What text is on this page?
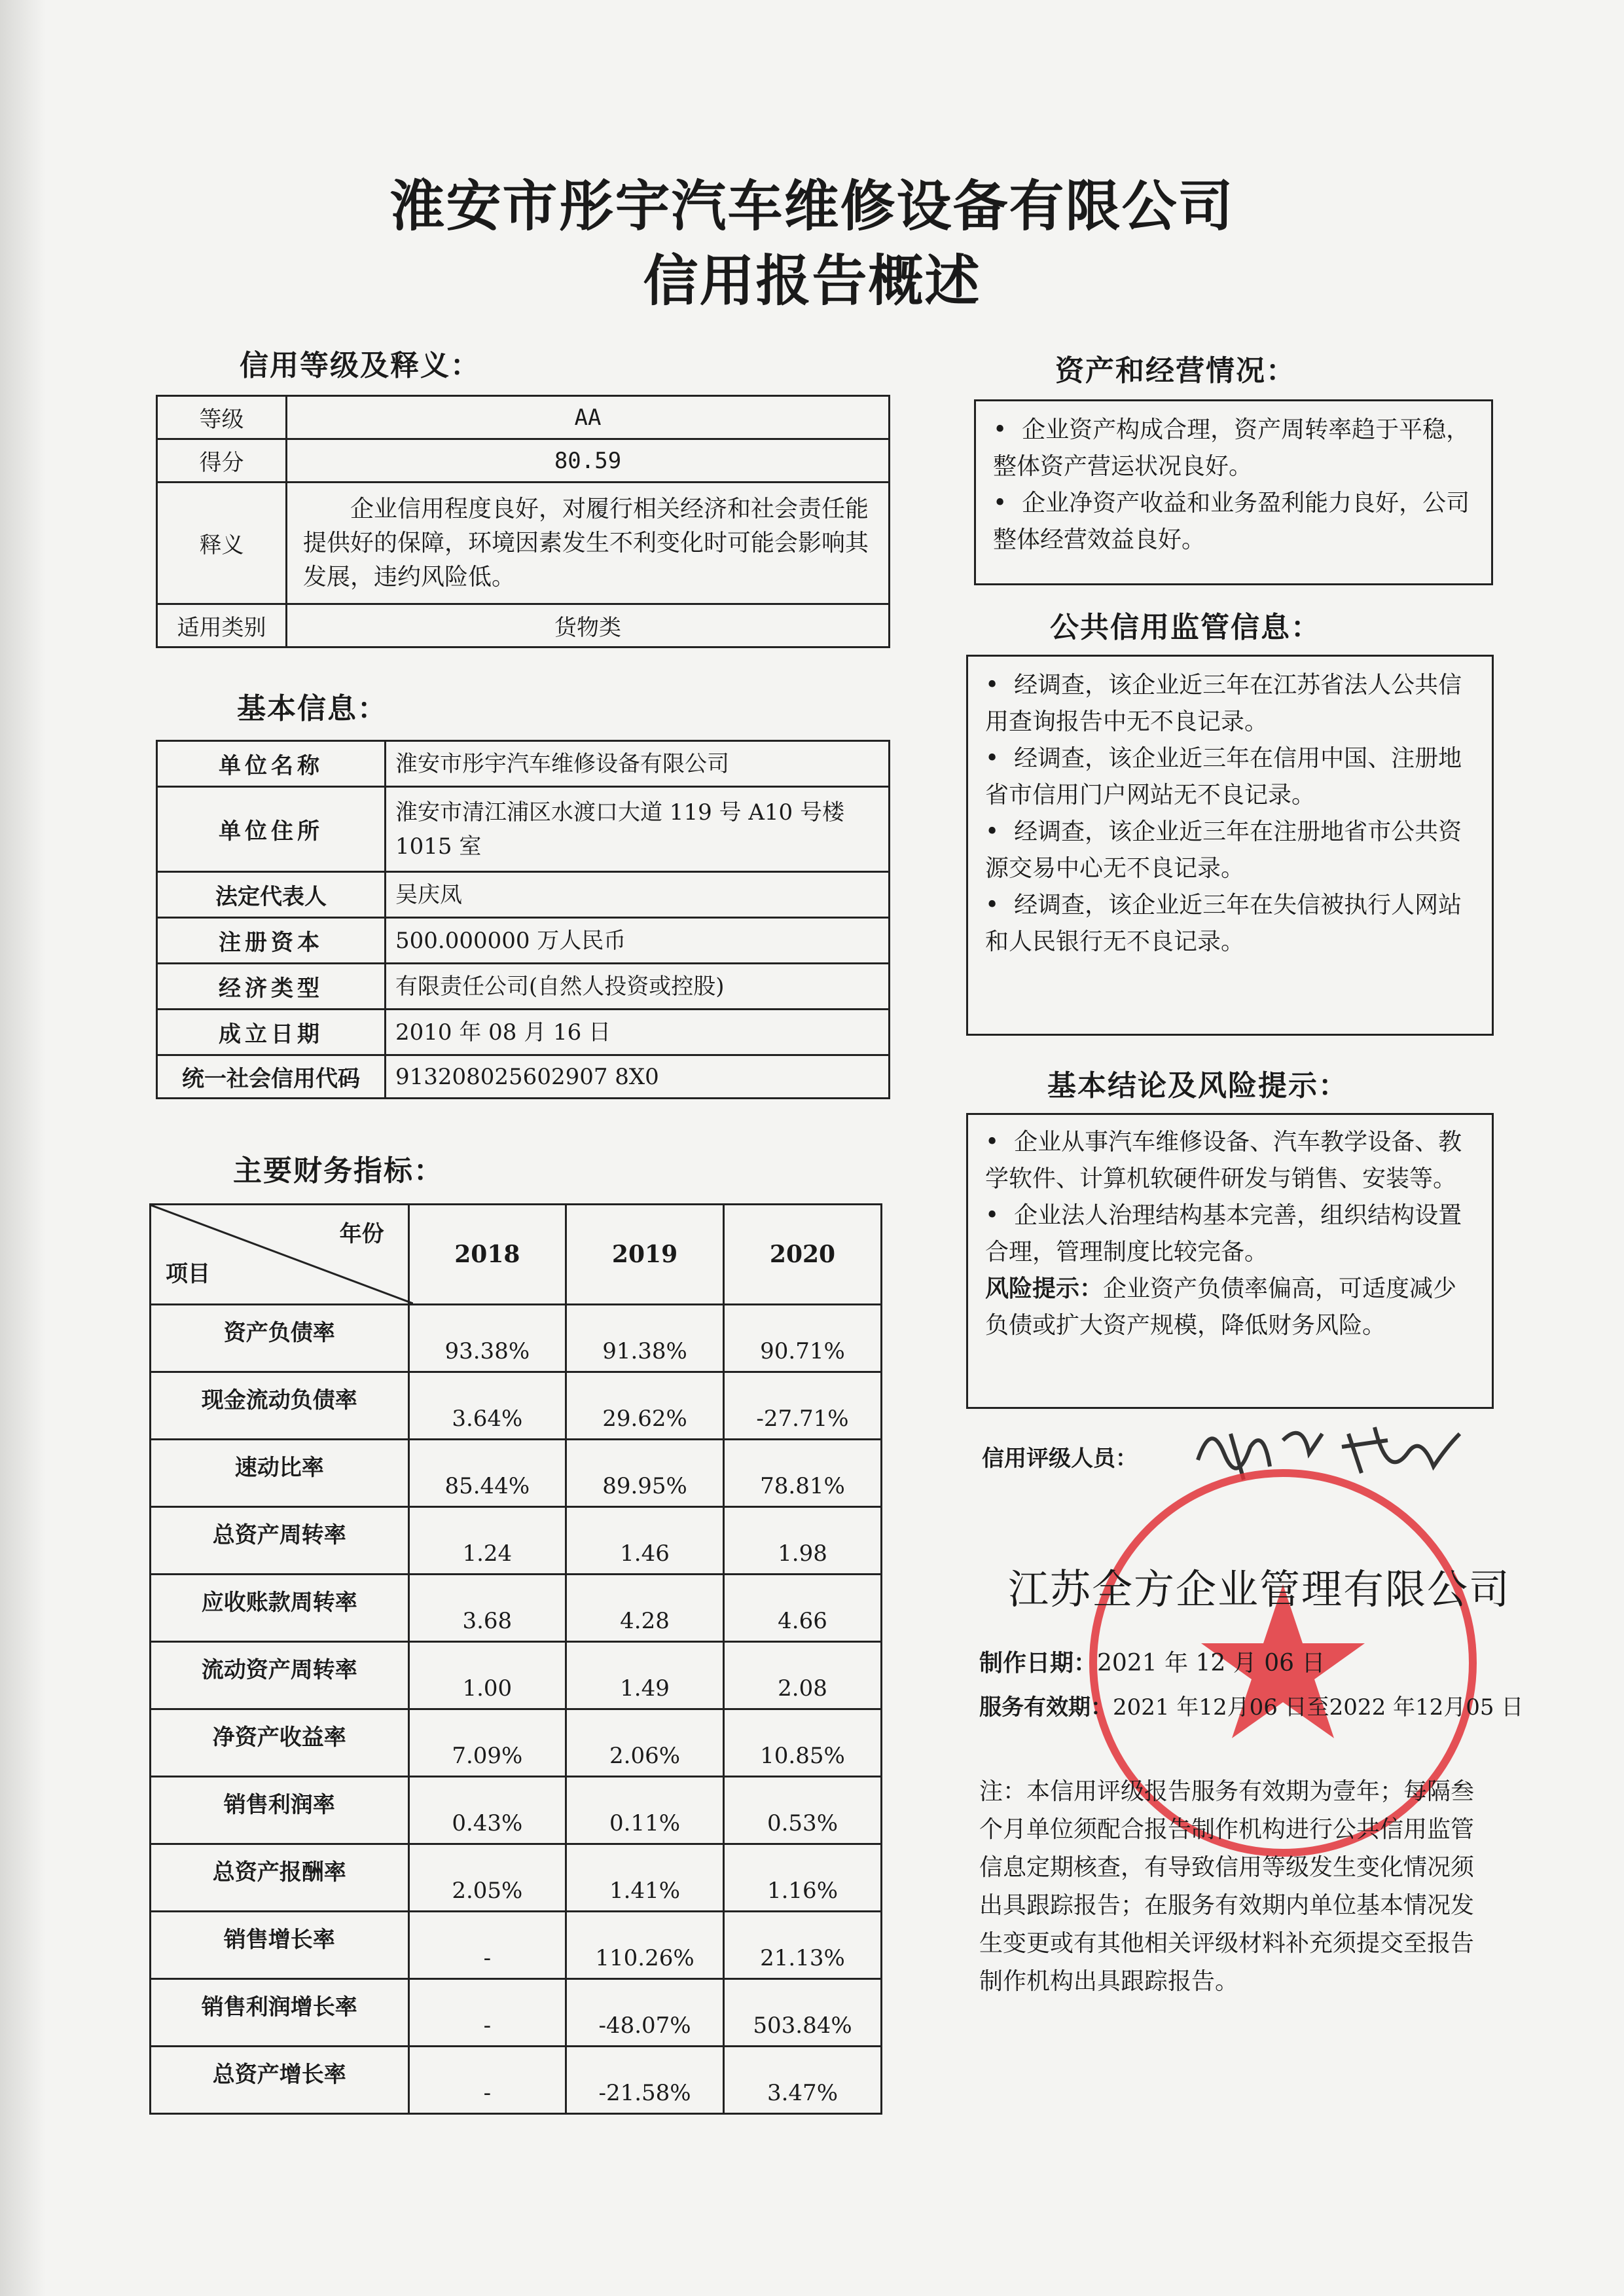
淮安市彤宇汽车维修设备有限公司
信用报告概述
信用等级及释义：
等级	AA
得分	80.59
释义	企业信用程度良好，对履行相关经济和社会责任能提供好的保障，环境因素发生不利变化时可能会影响其发展，违约风险低。

适用类别	货物类
基本信息：
单位名称	淮安市彤宇汽车维修设备有限公司
单位住所	淮安市清江浦区水渡口大道 119 号 A10 号楼 1015 室
法定代表人	吴庆凤
注册资本	500.000000 万人民币
经济类型	有限责任公司(自然人投资或控股)
成立日期	2010 年 08 月 16 日
统一社会信用代码	913208025602907 8X0
主要财务指标：
年份
项目	2018	2019	2020
资产负债率	93.38%	91.38%	90.71%
现金流动负债率	3.64%	29.62%	-27.71%
速动比率	85.44%	89.95%	78.81%
总资产周转率	1.24	1.46	1.98
应收账款周转率	3.68	4.28	4.66
流动资产周转率	1.00	1.49	2.08
净资产收益率	7.09%	2.06%	10.85%
销售利润率	0.43%	0.11%	0.53%
总资产报酬率	2.05%	1.41%	1.16%
销售增长率	-	110.26%	21.13%
销售利润增长率	-	-48.07%	503.84%
总资产增长率	-	-21.58%	3.47%
资产和经营情况：

•  企业资产构成合理，资产周转率趋于平稳，整体资产营运状况良好。

•  企业净资产收益和业务盈利能力良好，公司整体经营效益良好。

公共信用监管信息：

•  经调查，该企业近三年在江苏省法人公共信用查询报告中无不良记录。

•  经调查，该企业近三年在信用中国、注册地省市信用门户网站无不良记录。

•  经调查，该企业近三年在注册地省市公共资源交易中心无不良记录。

•  经调查，该企业近三年在失信被执行人网站和人民银行无不良记录。

基本结论及风险提示：

•  企业从事汽车维修设备、汽车教学设备、教学软件、计算机软硬件研发与销售、安装等。

•  企业法人治理结构基本完善，组织结构设置合理，管理制度比较完备。

风险提示：企业资产负债率偏高，可适度减少负债或扩大资产规模，降低财务风险。

信用评级人员：
江苏全方企业管理有限公司
制作日期：2021 年 12 月 06 日
服务有效期：2021 年12月06 日至2022 年12月05 日
注：本信用评级报告服务有效期为壹年；每隔叁个月单位须配合报告制作机构进行公共信用监管信息定期核查，有导致信用等级发生变化情况须出具跟踪报告；在服务有效期内单位基本情况发生变更或有其他相关评级材料补充须提交至报告制作机构出具跟踪报告。
